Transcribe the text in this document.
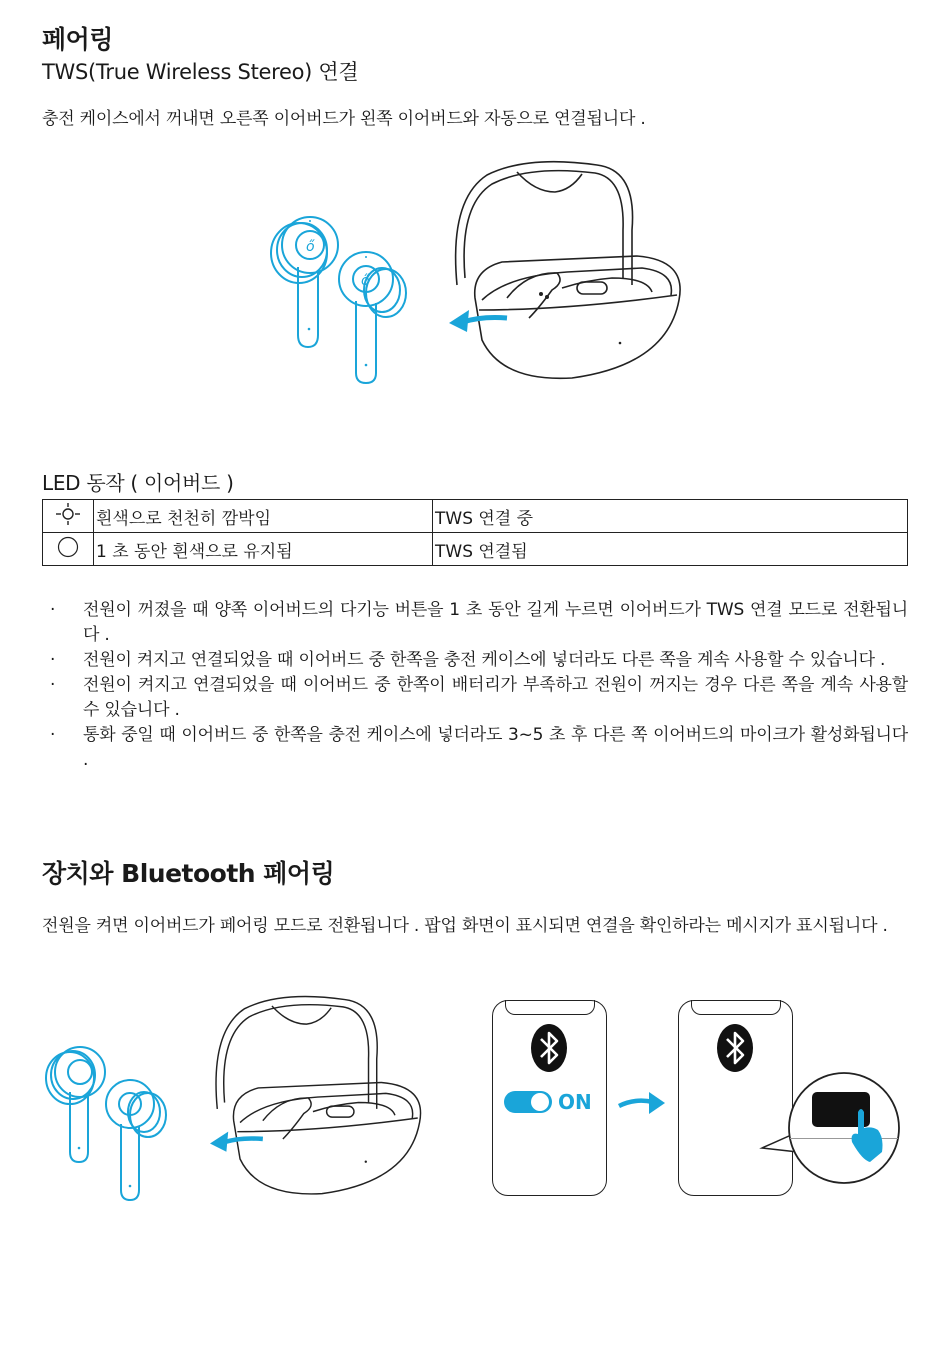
페어링
TWS(True Wireless Stereo) 연결
충전 케이스에서 꺼내면 오른쪽 이어버드가 왼쪽 이어버드와 자동으로 연결됩니다 .
ő
ő
LED 동작 ( 이어버드 )
	흰색으로 천천히 깜박임	TWS 연결 중
	1 초 동안 흰색으로 유지됨	TWS 연결됨
· 전원이 꺼졌을 때 양쪽 이어버드의 다기능 버튼을 1 초 동안 길게 누르면 이어버드가 TWS 연결 모드로 전환됩니다 .
· 전원이 켜지고 연결되었을 때 이어버드 중 한쪽을 충전 케이스에 넣더라도 다른 쪽을 계속 사용할 수 있습니다 .
· 전원이 켜지고 연결되었을 때 이어버드 중 한쪽이 배터리가 부족하고 전원이 꺼지는 경우 다른 쪽을 계속 사용할 수 있습니다 .
· 통화 중일 때 이어버드 중 한쪽을 충전 케이스에 넣더라도 3~5 초 후 다른 쪽 이어버드의 마이크가 활성화됩니다 .
장치와 Bluetooth 페어링
전원을 켜면 이어버드가 페어링 모드로 전환됩니다 . 팝업 화면이 표시되면 연결을 확인하라는 메시지가 표시됩니다 .
ON
